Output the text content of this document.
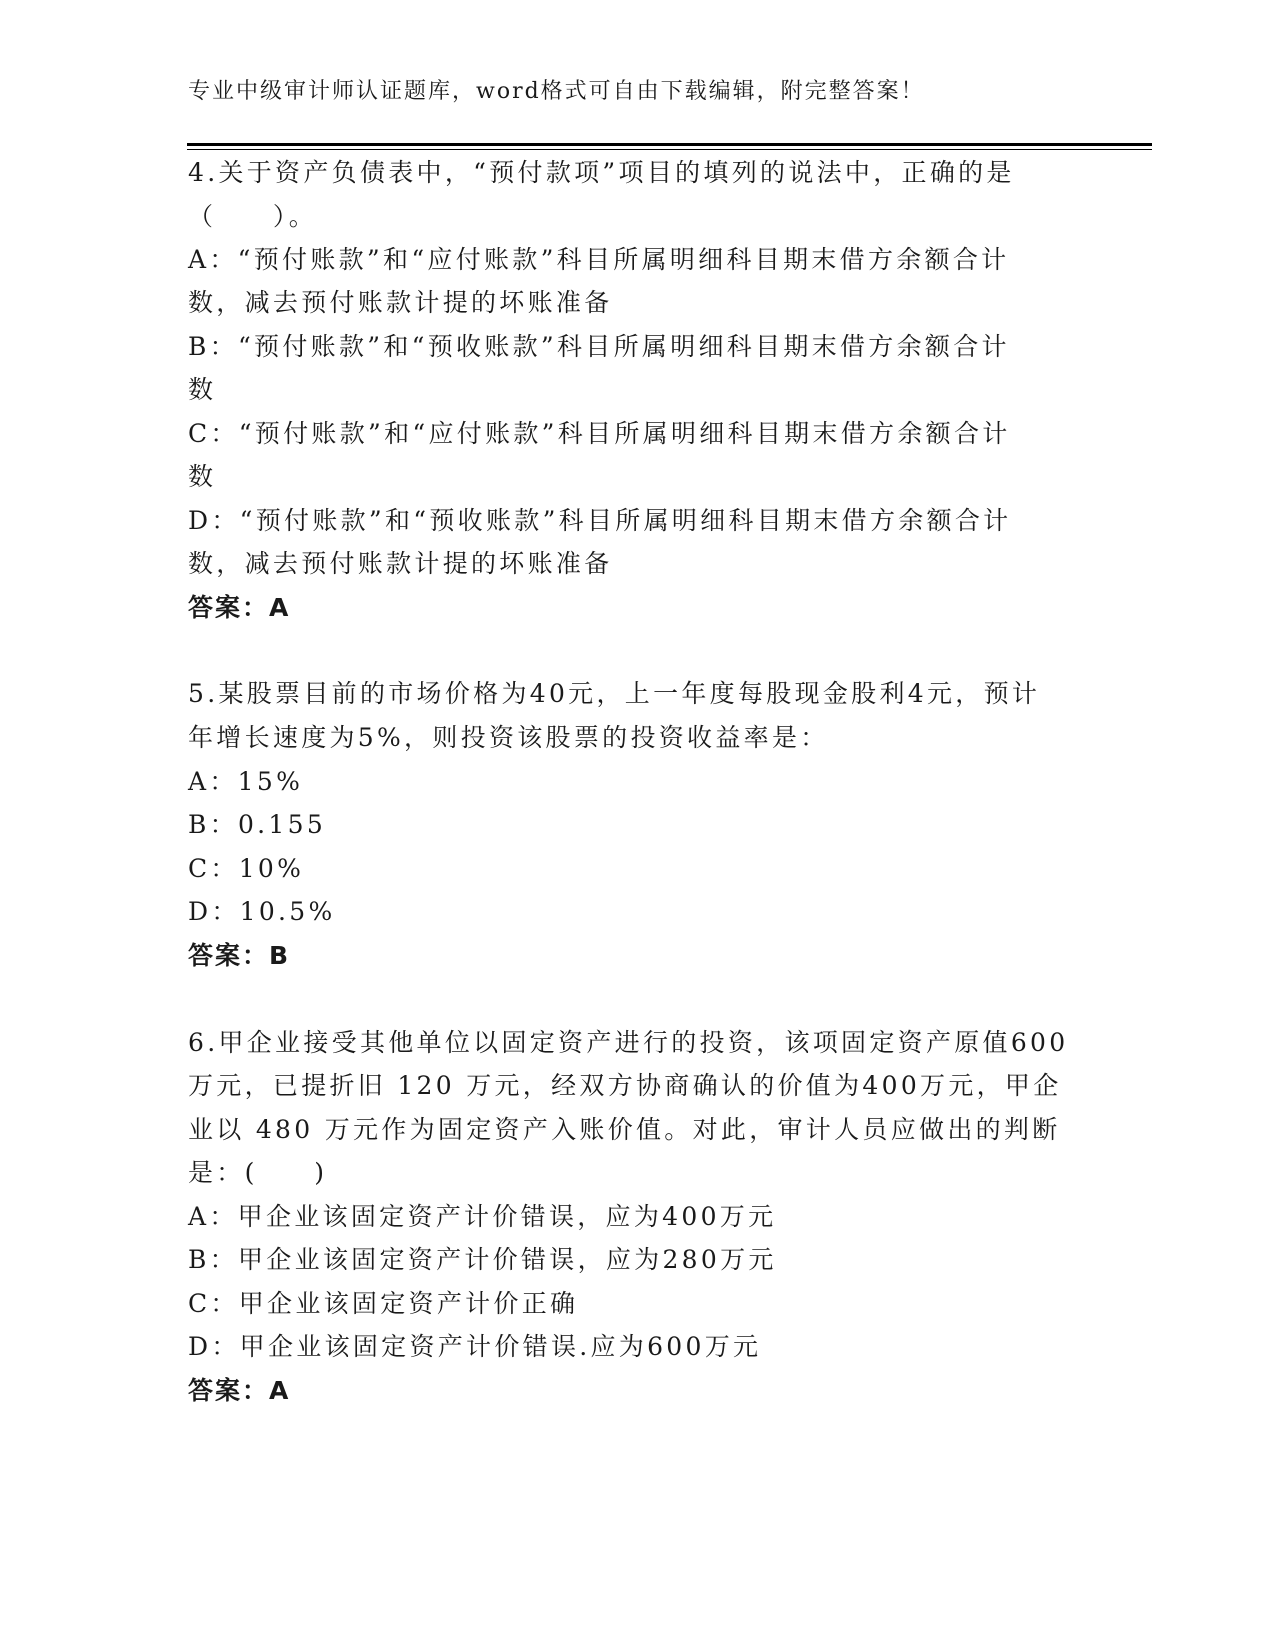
专业中级审计师认证题库，word格式可自由下载编辑，附完整答案！
4.关于资产负债表中，“预付款项”项目的填列的说法中，正确的是
（　　）。
A：“预付账款”和“应付账款”科目所属明细科目期末借方余额合计
数，减去预付账款计提的坏账准备
B：“预付账款”和“预收账款”科目所属明细科目期末借方余额合计
数
C：“预付账款”和“应付账款”科目所属明细科目期末借方余额合计
数
D：“预付账款”和“预收账款”科目所属明细科目期末借方余额合计
数，减去预付账款计提的坏账准备
答案：A
5.某股票目前的市场价格为40元，上一年度每股现金股利4元，预计
年增长速度为5%，则投资该股票的投资收益率是：
A：15%
B：0.155
C：10%
D：10.5%
答案：B
6.甲企业接受其他单位以固定资产进行的投资，该项固定资产原值600
万元，已提折旧 120 万元，经双方协商确认的价值为400万元，甲企
业以 480 万元作为固定资产入账价值。对此，审计人员应做出的判断
是：(　　)
A：甲企业该固定资产计价错误，应为400万元
B：甲企业该固定资产计价错误，应为280万元
C：甲企业该固定资产计价正确
D：甲企业该固定资产计价错误.应为600万元
答案：A
